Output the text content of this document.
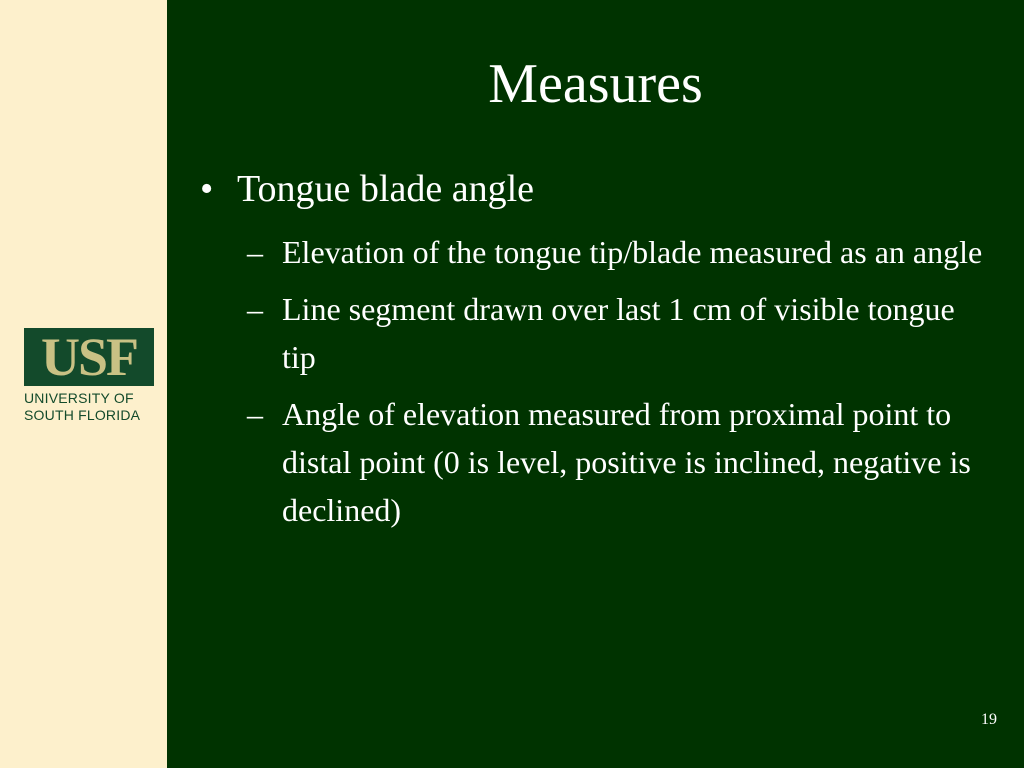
USF
UNIVERSITY OF
SOUTH FLORIDA
Measures
• Tongue blade angle
– Elevation of the tongue tip/blade measured as an angle
– Line segment drawn over last 1 cm of visible tongue tip
– Angle of elevation measured from proximal point to distal point (0 is level, positive is inclined, negative is declined)
19
